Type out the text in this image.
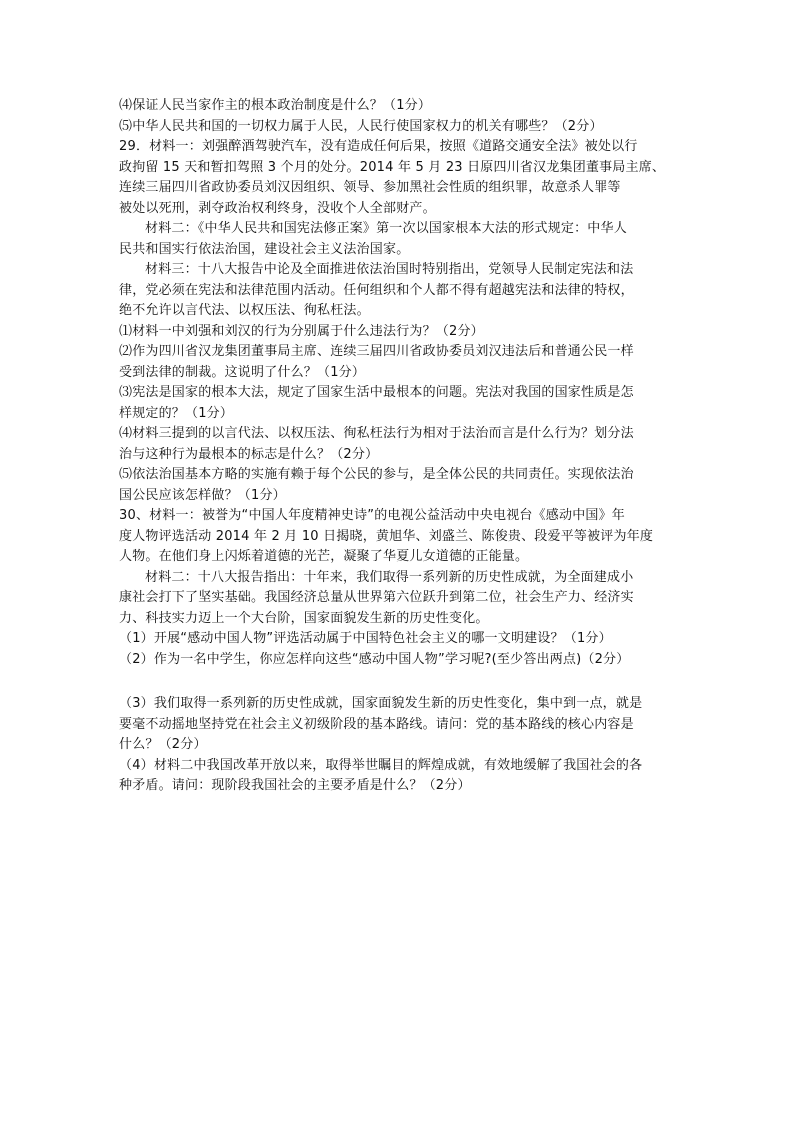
⑷保证人民当家作主的根本政治制度是什么？（1分）

⑸中华人民共和国的一切权力属于人民，人民行使国家权力的机关有哪些？（2分）

29．材料一：刘强醉酒驾驶汽车，没有造成任何后果，按照《道路交通安全法》被处以行

政拘留 15 天和暂扣驾照 3 个月的处分。2014 年 5 月 23 日原四川省汉龙集团董事局主席、

连续三届四川省政协委员刘汉因组织、领导、参加黑社会性质的组织罪，故意杀人罪等

被处以死刑，剥夺政治权利终身，没收个人全部财产。

材料二：《中华人民共和国宪法修正案》第一次以国家根本大法的形式规定：中华人

民共和国实行依法治国，建设社会主义法治国家。

材料三：十八大报告中论及全面推进依法治国时特别指出，党领导人民制定宪法和法

律，党必须在宪法和法律范围内活动。任何组织和个人都不得有超越宪法和法律的特权，

绝不允许以言代法、以权压法、徇私枉法。

⑴材料一中刘强和刘汉的行为分别属于什么违法行为？（2分）

⑵作为四川省汉龙集团董事局主席、连续三届四川省政协委员刘汉违法后和普通公民一样

受到法律的制裁。这说明了什么？（1分）

⑶宪法是国家的根本大法，规定了国家生活中最根本的问题。宪法对我国的国家性质是怎

样规定的？（1分）

⑷材料三提到的以言代法、以权压法、徇私枉法行为相对于法治而言是什么行为？划分法

治与这种行为最根本的标志是什么？（2分）

⑸依法治国基本方略的实施有赖于每个公民的参与，是全体公民的共同责任。实现依法治

国公民应该怎样做？（1分）

30、材料一：被誉为“中国人年度精神史诗”的电视公益活动中央电视台《感动中国》年

度人物评选活动 2014 年 2 月 10 日揭晓，黄旭华、刘盛兰、陈俊贵、段爱平等被评为年度

人物。在他们身上闪烁着道德的光芒，凝聚了华夏儿女道德的正能量。

材料二：十八大报告指出：十年来，我们取得一系列新的历史性成就，为全面建成小

康社会打下了坚实基础。我国经济总量从世界第六位跃升到第二位，社会生产力、经济实

力、科技实力迈上一个大台阶，国家面貌发生新的历史性变化。

（1）开展“感动中国人物”评选活动属于中国特色社会主义的哪一文明建设？（1分）

（2）作为一名中学生，你应怎样向这些“感动中国人物”学习呢?(至少答出两点)（2分）

（3）我们取得一系列新的历史性成就，国家面貌发生新的历史性变化，集中到一点，就是

要毫不动摇地坚持党在社会主义初级阶段的基本路线。请问：党的基本路线的核心内容是

什么？（2分）

（4）材料二中我国改革开放以来，取得举世瞩目的辉煌成就，有效地缓解了我国社会的各

种矛盾。请问：现阶段我国社会的主要矛盾是什么？（2分）
